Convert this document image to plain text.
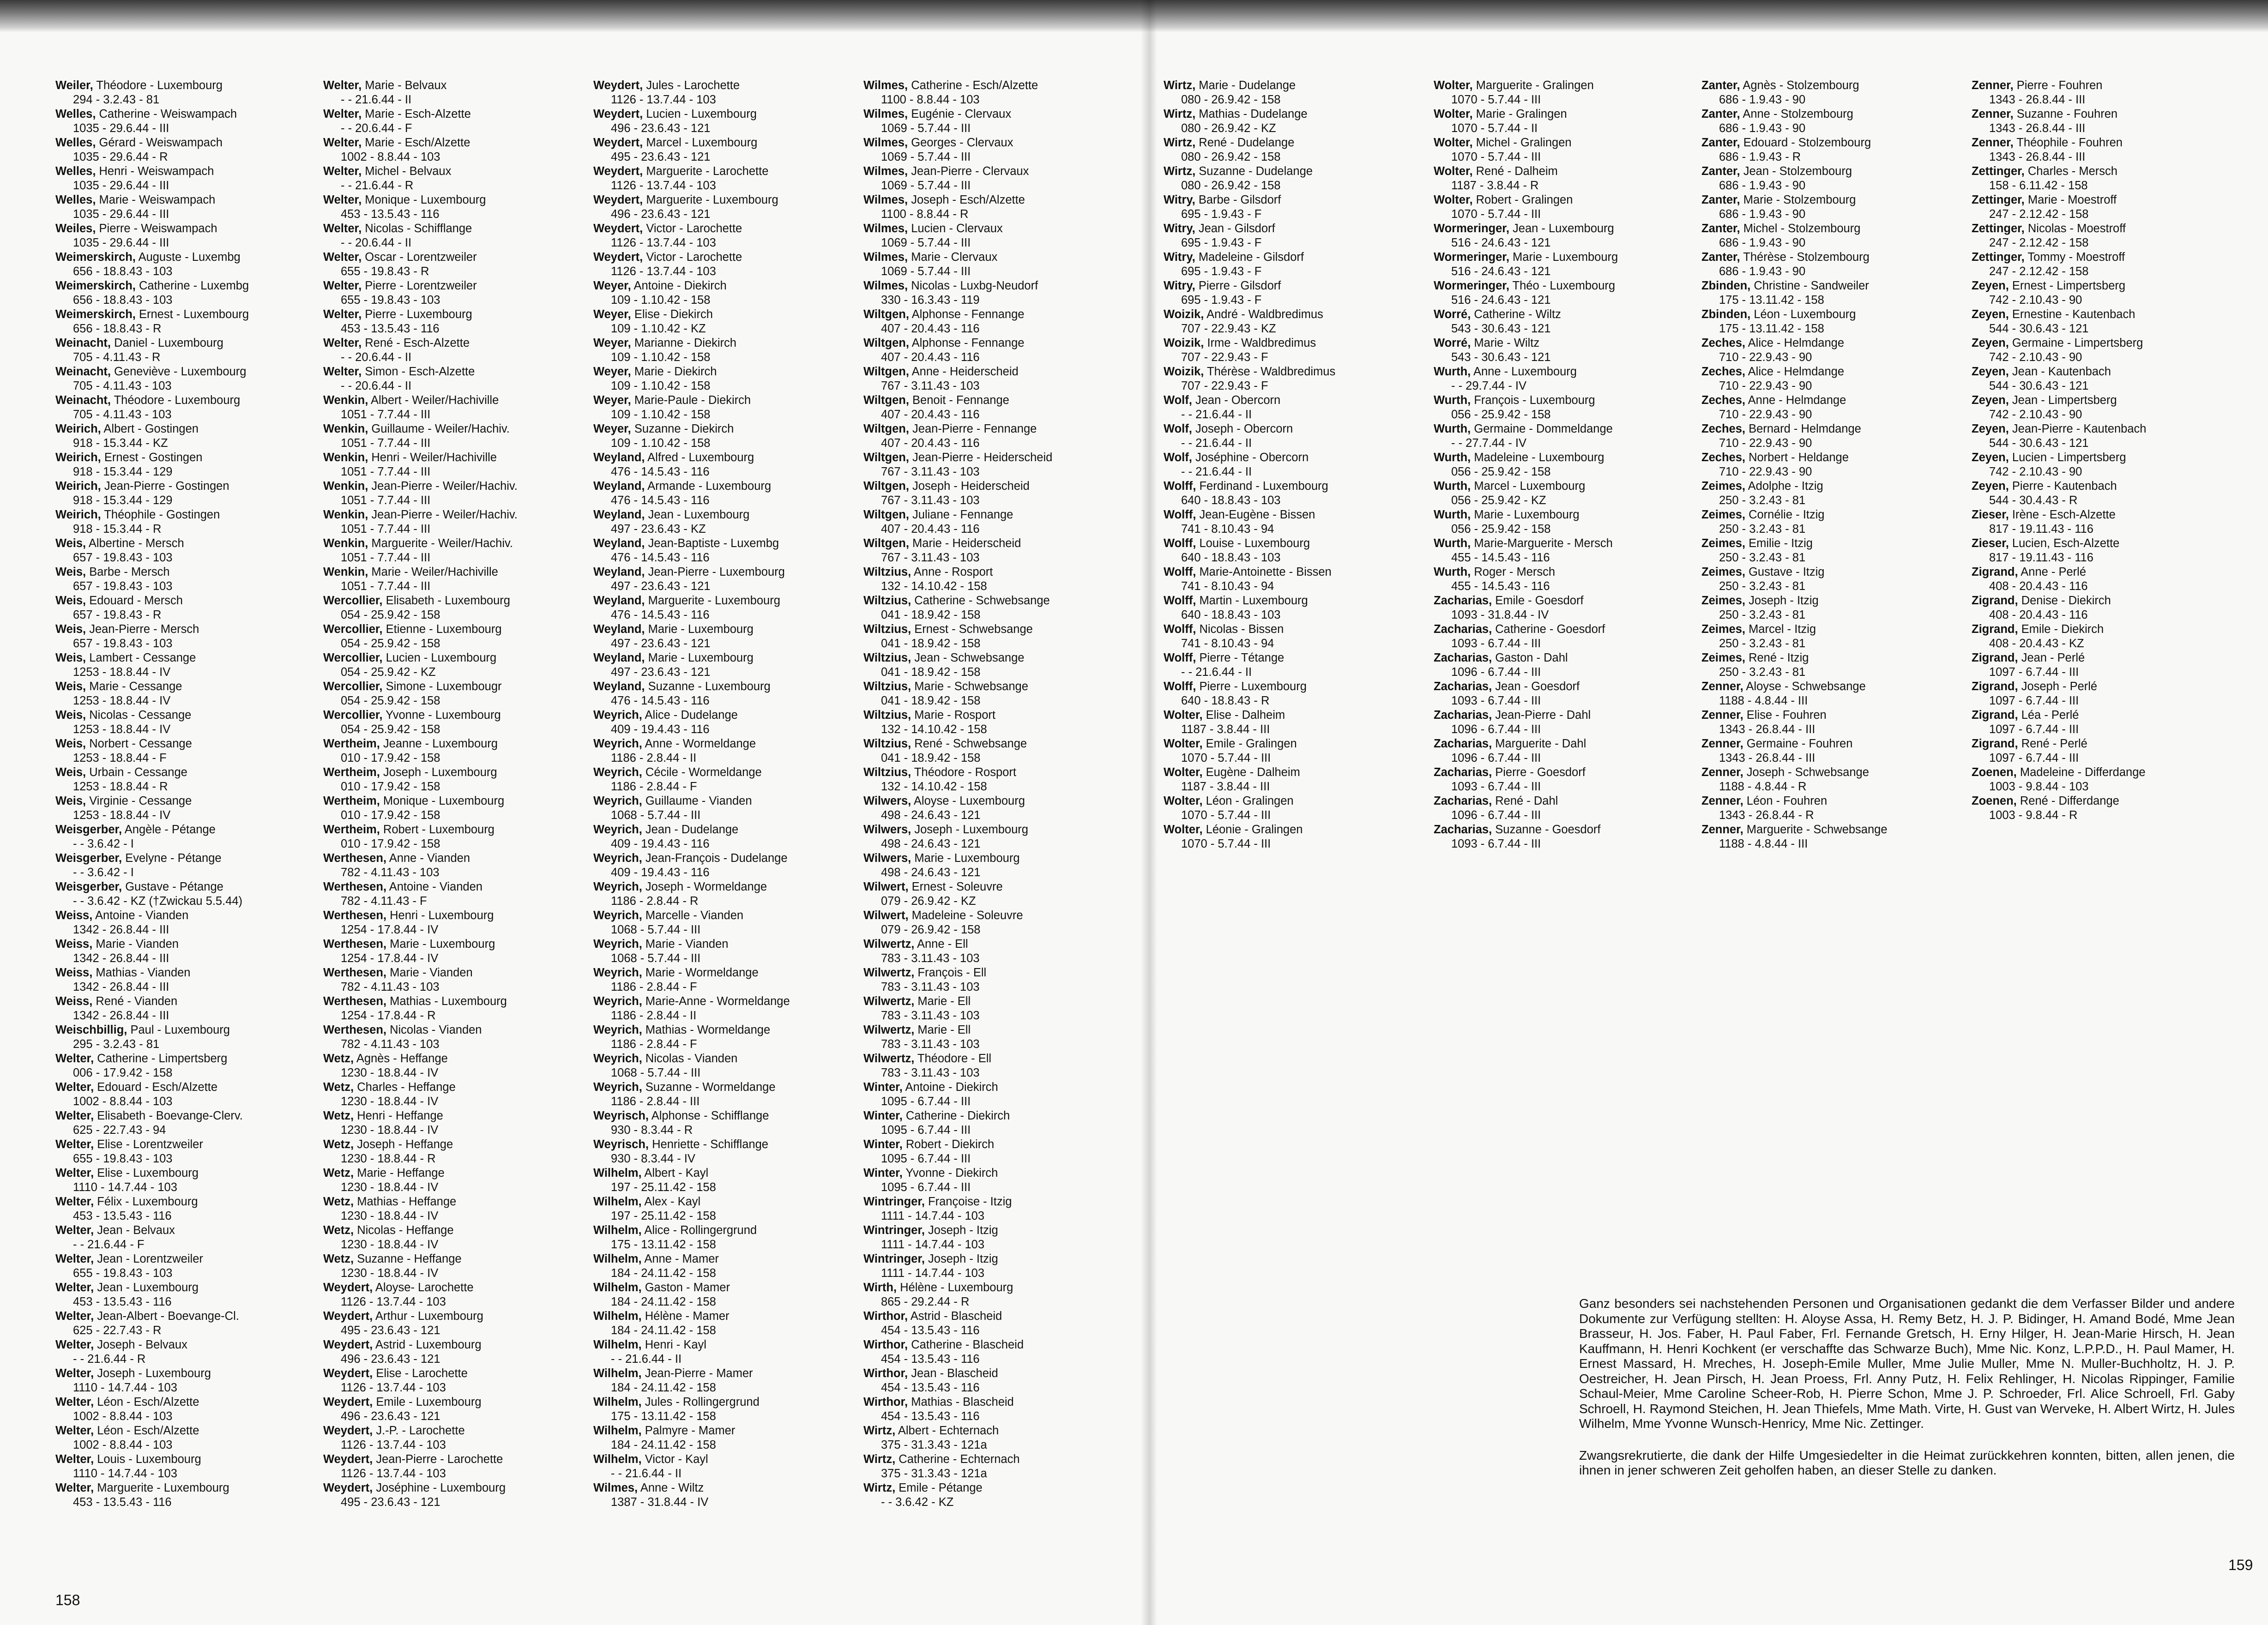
Weiler, Théodore - Luxembourg
294 - 3.2.43 - 81
Welles, Catherine - Weiswampach
1035 - 29.6.44 - III
Welles, Gérard - Weiswampach
1035 - 29.6.44 - R
Welles, Henri - Weiswampach
1035 - 29.6.44 - III
Welles, Marie - Weiswampach
1035 - 29.6.44 - III
Weiles, Pierre - Weiswampach
1035 - 29.6.44 - III
Weimerskirch, Auguste - Luxembg
656 - 18.8.43 - 103
Weimerskirch, Catherine - Luxembg
656 - 18.8.43 - 103
Weimerskirch, Ernest - Luxembourg
656 - 18.8.43 - R
Weinacht, Daniel - Luxembourg
705 - 4.11.43 - R
Weinacht, Geneviève - Luxembourg
705 - 4.11.43 - 103
Weinacht, Théodore - Luxembourg
705 - 4.11.43 - 103
Weirich, Albert - Gostingen
918 - 15.3.44 - KZ
Weirich, Ernest - Gostingen
918 - 15.3.44 - 129
Weirich, Jean-Pierre - Gostingen
918 - 15.3.44 - 129
Weirich, Théophile - Gostingen
918 - 15.3.44 - R
Weis, Albertine - Mersch
657 - 19.8.43 - 103
Weis, Barbe - Mersch
657 - 19.8.43 - 103
Weis, Edouard - Mersch
657 - 19.8.43 - R
Weis, Jean-Pierre - Mersch
657 - 19.8.43 - 103
Weis, Lambert - Cessange
1253 - 18.8.44 - IV
Weis, Marie - Cessange
1253 - 18.8.44 - IV
Weis, Nicolas - Cessange
1253 - 18.8.44 - IV
Weis, Norbert - Cessange
1253 - 18.8.44 - F
Weis, Urbain - Cessange
1253 - 18.8.44 - R
Weis, Virginie - Cessange
1253 - 18.8.44 - IV
Weisgerber, Angèle - Pétange
- - 3.6.42 - I
Weisgerber, Evelyne - Pétange
- - 3.6.42 - I
Weisgerber, Gustave - Pétange
- - 3.6.42 - KZ (†Zwickau 5.5.44)
Weiss, Antoine - Vianden
1342 - 26.8.44 - III
Weiss, Marie - Vianden
1342 - 26.8.44 - III
Weiss, Mathias - Vianden
1342 - 26.8.44 - III
Weiss, René - Vianden
1342 - 26.8.44 - III
Weischbillig, Paul - Luxembourg
295 - 3.2.43 - 81
Welter, Catherine - Limpertsberg
006 - 17.9.42 - 158
Welter, Edouard - Esch/Alzette
1002 - 8.8.44 - 103
Welter, Elisabeth - Boevange-Clerv.
625 - 22.7.43 - 94
Welter, Elise - Lorentzweiler
655 - 19.8.43 - 103
Welter, Elise - Luxembourg
1110 - 14.7.44 - 103
Welter, Félix - Luxembourg
453 - 13.5.43 - 116
Welter, Jean - Belvaux
- - 21.6.44 - F
Welter, Jean - Lorentzweiler
655 - 19.8.43 - 103
Welter, Jean - Luxembourg
453 - 13.5.43 - 116
Welter, Jean-Albert - Boevange-Cl.
625 - 22.7.43 - R
Welter, Joseph - Belvaux
- - 21.6.44 - R
Welter, Joseph - Luxembourg
1110 - 14.7.44 - 103
Welter, Léon - Esch/Alzette
1002 - 8.8.44 - 103
Welter, Léon - Esch/Alzette
1002 - 8.8.44 - 103
Welter, Louis - Luxembourg
1110 - 14.7.44 - 103
Welter, Marguerite - Luxembourg
453 - 13.5.43 - 116
Welter, Marie - Belvaux
- - 21.6.44 - II
Welter, Marie - Esch-Alzette
- - 20.6.44 - F
Welter, Marie - Esch/Alzette
1002 - 8.8.44 - 103
Welter, Michel - Belvaux
- - 21.6.44 - R
Welter, Monique - Luxembourg
453 - 13.5.43 - 116
Welter, Nicolas - Schifflange
- - 20.6.44 - II
Welter, Oscar - Lorentzweiler
655 - 19.8.43 - R
Welter, Pierre - Lorentzweiler
655 - 19.8.43 - 103
Welter, Pierre - Luxembourg
453 - 13.5.43 - 116
Welter, René - Esch-Alzette
- - 20.6.44 - II
Welter, Simon - Esch-Alzette
- - 20.6.44 - II
Wenkin, Albert - Weiler/Hachiville
1051 - 7.7.44 - III
Wenkin, Guillaume - Weiler/Hachiv.
1051 - 7.7.44 - III
Wenkin, Henri - Weiler/Hachiville
1051 - 7.7.44 - III
Wenkin, Jean-Pierre - Weiler/Hachiv.
1051 - 7.7.44 - III
Wenkin, Jean-Pierre - Weiler/Hachiv.
1051 - 7.7.44 - III
Wenkin, Marguerite - Weiler/Hachiv.
1051 - 7.7.44 - III
Wenkin, Marie - Weiler/Hachiville
1051 - 7.7.44 - III
Wercollier, Elisabeth - Luxembourg
054 - 25.9.42 - 158
Wercollier, Etienne - Luxembourg
054 - 25.9.42 - 158
Wercollier, Lucien - Luxembourg
054 - 25.9.42 - KZ
Wercollier, Simone - Luxembougr
054 - 25.9.42 - 158
Wercollier, Yvonne - Luxembourg
054 - 25.9.42 - 158
Wertheim, Jeanne - Luxembourg
010 - 17.9.42 - 158
Wertheim, Joseph - Luxembourg
010 - 17.9.42 - 158
Wertheim, Monique - Luxembourg
010 - 17.9.42 - 158
Wertheim, Robert - Luxembourg
010 - 17.9.42 - 158
Werthesen, Anne - Vianden
782 - 4.11.43 - 103
Werthesen, Antoine - Vianden
782 - 4.11.43 - F
Werthesen, Henri - Luxembourg
1254 - 17.8.44 - IV
Werthesen, Marie - Luxembourg
1254 - 17.8.44 - IV
Werthesen, Marie - Vianden
782 - 4.11.43 - 103
Werthesen, Mathias - Luxembourg
1254 - 17.8.44 - R
Werthesen, Nicolas - Vianden
782 - 4.11.43 - 103
Wetz, Agnès - Heffange
1230 - 18.8.44 - IV
Wetz, Charles - Heffange
1230 - 18.8.44 - IV
Wetz, Henri - Heffange
1230 - 18.8.44 - IV
Wetz, Joseph - Heffange
1230 - 18.8.44 - R
Wetz, Marie - Heffange
1230 - 18.8.44 - IV
Wetz, Mathias - Heffange
1230 - 18.8.44 - IV
Wetz, Nicolas - Heffange
1230 - 18.8.44 - IV
Wetz, Suzanne - Heffange
1230 - 18.8.44 - IV
Weydert, Aloyse- Larochette
1126 - 13.7.44 - 103
Weydert, Arthur - Luxembourg
495 - 23.6.43 - 121
Weydert, Astrid - Luxembourg
496 - 23.6.43 - 121
Weydert, Elise - Larochette
1126 - 13.7.44 - 103
Weydert, Emile - Luxembourg
496 - 23.6.43 - 121
Weydert, J.-P. - Larochette
1126 - 13.7.44 - 103
Weydert, Jean-Pierre - Larochette
1126 - 13.7.44 - 103
Weydert, Joséphine - Luxembourg
495 - 23.6.43 - 121
Weydert, Jules - Larochette
1126 - 13.7.44 - 103
Weydert, Lucien - Luxembourg
496 - 23.6.43 - 121
Weydert, Marcel - Luxembourg
495 - 23.6.43 - 121
Weydert, Marguerite - Larochette
1126 - 13.7.44 - 103
Weydert, Marguerite - Luxembourg
496 - 23.6.43 - 121
Weydert, Victor - Larochette
1126 - 13.7.44 - 103
Weydert, Victor - Larochette
1126 - 13.7.44 - 103
Weyer, Antoine - Diekirch
109 - 1.10.42 - 158
Weyer, Elise - Diekirch
109 - 1.10.42 - KZ
Weyer, Marianne - Diekirch
109 - 1.10.42 - 158
Weyer, Marie - Diekirch
109 - 1.10.42 - 158
Weyer, Marie-Paule - Diekirch
109 - 1.10.42 - 158
Weyer, Suzanne - Diekirch
109 - 1.10.42 - 158
Weyland, Alfred - Luxembourg
476 - 14.5.43 - 116
Weyland, Armande - Luxembourg
476 - 14.5.43 - 116
Weyland, Jean - Luxembourg
497 - 23.6.43 - KZ
Weyland, Jean-Baptiste - Luxembg
476 - 14.5.43 - 116
Weyland, Jean-Pierre - Luxembourg
497 - 23.6.43 - 121
Weyland, Marguerite - Luxembourg
476 - 14.5.43 - 116
Weyland, Marie - Luxembourg
497 - 23.6.43 - 121
Weyland, Marie - Luxembourg
497 - 23.6.43 - 121
Weyland, Suzanne - Luxembourg
476 - 14.5.43 - 116
Weyrich, Alice - Dudelange
409 - 19.4.43 - 116
Weyrich, Anne - Wormeldange
1186 - 2.8.44 - II
Weyrich, Cécile - Wormeldange
1186 - 2.8.44 - F
Weyrich, Guillaume - Vianden
1068 - 5.7.44 - III
Weyrich, Jean - Dudelange
409 - 19.4.43 - 116
Weyrich, Jean-François - Dudelange
409 - 19.4.43 - 116
Weyrich, Joseph - Wormeldange
1186 - 2.8.44 - R
Weyrich, Marcelle - Vianden
1068 - 5.7.44 - III
Weyrich, Marie - Vianden
1068 - 5.7.44 - III
Weyrich, Marie - Wormeldange
1186 - 2.8.44 - F
Weyrich, Marie-Anne - Wormeldange
1186 - 2.8.44 - II
Weyrich, Mathias - Wormeldange
1186 - 2.8.44 - F
Weyrich, Nicolas - Vianden
1068 - 5.7.44 - III
Weyrich, Suzanne - Wormeldange
1186 - 2.8.44 - III
Weyrisch, Alphonse - Schifflange
930 - 8.3.44 - R
Weyrisch, Henriette - Schifflange
930 - 8.3.44 - IV
Wilhelm, Albert - Kayl
197 - 25.11.42 - 158
Wilhelm, Alex - Kayl
197 - 25.11.42 - 158
Wilhelm, Alice - Rollingergrund
175 - 13.11.42 - 158
Wilhelm, Anne - Mamer
184 - 24.11.42 - 158
Wilhelm, Gaston - Mamer
184 - 24.11.42 - 158
Wilhelm, Hélène - Mamer
184 - 24.11.42 - 158
Wilhelm, Henri - Kayl
- - 21.6.44 - II
Wilhelm, Jean-Pierre - Mamer
184 - 24.11.42 - 158
Wilhelm, Jules - Rollingergrund
175 - 13.11.42 - 158
Wilhelm, Palmyre - Mamer
184 - 24.11.42 - 158
Wilhelm, Victor - Kayl
- - 21.6.44 - II
Wilmes, Anne - Wiltz
1387 - 31.8.44 - IV
Wilmes, Catherine - Esch/Alzette
1100 - 8.8.44 - 103
Wilmes, Eugénie - Clervaux
1069 - 5.7.44 - III
Wilmes, Georges - Clervaux
1069 - 5.7.44 - III
Wilmes, Jean-Pierre - Clervaux
1069 - 5.7.44 - III
Wilmes, Joseph - Esch/Alzette
1100 - 8.8.44 - R
Wilmes, Lucien - Clervaux
1069 - 5.7.44 - III
Wilmes, Marie - Clervaux
1069 - 5.7.44 - III
Wilmes, Nicolas - Luxbg-Neudorf
330 - 16.3.43 - 119
Wiltgen, Alphonse - Fennange
407 - 20.4.43 - 116
Wiltgen, Alphonse - Fennange
407 - 20.4.43 - 116
Wiltgen, Anne - Heiderscheid
767 - 3.11.43 - 103
Wiltgen, Benoit - Fennange
407 - 20.4.43 - 116
Wiltgen, Jean-Pierre - Fennange
407 - 20.4.43 - 116
Wiltgen, Jean-Pierre - Heiderscheid
767 - 3.11.43 - 103
Wiltgen, Joseph - Heiderscheid
767 - 3.11.43 - 103
Wiltgen, Juliane - Fennange
407 - 20.4.43 - 116
Wiltgen, Marie - Heiderscheid
767 - 3.11.43 - 103
Wiltzius, Anne - Rosport
132 - 14.10.42 - 158
Wiltzius, Catherine - Schwebsange
041 - 18.9.42 - 158
Wiltzius, Ernest - Schwebsange
041 - 18.9.42 - 158
Wiltzius, Jean - Schwebsange
041 - 18.9.42 - 158
Wiltzius, Marie - Schwebsange
041 - 18.9.42 - 158
Wiltzius, Marie - Rosport
132 - 14.10.42 - 158
Wiltzius, René - Schwebsange
041 - 18.9.42 - 158
Wiltzius, Théodore - Rosport
132 - 14.10.42 - 158
Wilwers, Aloyse - Luxembourg
498 - 24.6.43 - 121
Wilwers, Joseph - Luxembourg
498 - 24.6.43 - 121
Wilwers, Marie - Luxembourg
498 - 24.6.43 - 121
Wilwert, Ernest - Soleuvre
079 - 26.9.42 - KZ
Wilwert, Madeleine - Soleuvre
079 - 26.9.42 - 158
Wilwertz, Anne - Ell
783 - 3.11.43 - 103
Wilwertz, François - Ell
783 - 3.11.43 - 103
Wilwertz, Marie - Ell
783 - 3.11.43 - 103
Wilwertz, Marie - Ell
783 - 3.11.43 - 103
Wilwertz, Théodore - Ell
783 - 3.11.43 - 103
Winter, Antoine - Diekirch
1095 - 6.7.44 - III
Winter, Catherine - Diekirch
1095 - 6.7.44 - III
Winter, Robert - Diekirch
1095 - 6.7.44 - III
Winter, Yvonne - Diekirch
1095 - 6.7.44 - III
Wintringer, Françoise - Itzig
1111 - 14.7.44 - 103
Wintringer, Joseph - Itzig
1111 - 14.7.44 - 103
Wintringer, Joseph - Itzig
1111 - 14.7.44 - 103
Wirth, Hélène - Luxembourg
865 - 29.2.44 - R
Wirthor, Astrid - Blascheid
454 - 13.5.43 - 116
Wirthor, Catherine - Blascheid
454 - 13.5.43 - 116
Wirthor, Jean - Blascheid
454 - 13.5.43 - 116
Wirthor, Mathias - Blascheid
454 - 13.5.43 - 116
Wirtz, Albert - Echternach
375 - 31.3.43 - 121a
Wirtz, Catherine - Echternach
375 - 31.3.43 - 121a
Wirtz, Emile - Pétange
- - 3.6.42 - KZ
Wirtz, Marie - Dudelange
080 - 26.9.42 - 158
Wirtz, Mathias - Dudelange
080 - 26.9.42 - KZ
Wirtz, René - Dudelange
080 - 26.9.42 - 158
Wirtz, Suzanne - Dudelange
080 - 26.9.42 - 158
Witry, Barbe - Gilsdorf
695 - 1.9.43 - F
Witry, Jean - Gilsdorf
695 - 1.9.43 - F
Witry, Madeleine - Gilsdorf
695 - 1.9.43 - F
Witry, Pierre - Gilsdorf
695 - 1.9.43 - F
Woizik, André - Waldbredimus
707 - 22.9.43 - KZ
Woizik, Irme - Waldbredimus
707 - 22.9.43 - F
Woizik, Thérèse - Waldbredimus
707 - 22.9.43 - F
Wolf, Jean - Obercorn
- - 21.6.44 - II
Wolf, Joseph - Obercorn
- - 21.6.44 - II
Wolf, Joséphine - Obercorn
- - 21.6.44 - II
Wolff, Ferdinand - Luxembourg
640 - 18.8.43 - 103
Wolff, Jean-Eugène - Bissen
741 - 8.10.43 - 94
Wolff, Louise - Luxembourg
640 - 18.8.43 - 103
Wolff, Marie-Antoinette - Bissen
741 - 8.10.43 - 94
Wolff, Martin - Luxembourg
640 - 18.8.43 - 103
Wolff, Nicolas - Bissen
741 - 8.10.43 - 94
Wolff, Pierre - Tétange
- - 21.6.44 - II
Wolff, Pierre - Luxembourg
640 - 18.8.43 - R
Wolter, Elise - Dalheim
1187 - 3.8.44 - III
Wolter, Emile - Gralingen
1070 - 5.7.44 - III
Wolter, Eugène - Dalheim
1187 - 3.8.44 - III
Wolter, Léon - Gralingen
1070 - 5.7.44 - III
Wolter, Léonie - Gralingen
1070 - 5.7.44 - III
Wolter, Marguerite - Gralingen
1070 - 5.7.44 - III
Wolter, Marie - Gralingen
1070 - 5.7.44 - II
Wolter, Michel - Gralingen
1070 - 5.7.44 - III
Wolter, René - Dalheim
1187 - 3.8.44 - R
Wolter, Robert - Gralingen
1070 - 5.7.44 - III
Wormeringer, Jean - Luxembourg
516 - 24.6.43 - 121
Wormeringer, Marie - Luxembourg
516 - 24.6.43 - 121
Wormeringer, Théo - Luxembourg
516 - 24.6.43 - 121
Worré, Catherine - Wiltz
543 - 30.6.43 - 121
Worré, Marie - Wiltz
543 - 30.6.43 - 121
Wurth, Anne - Luxembourg
- - 29.7.44 - IV
Wurth, François - Luxembourg
056 - 25.9.42 - 158
Wurth, Germaine - Dommeldange
- - 27.7.44 - IV
Wurth, Madeleine - Luxembourg
056 - 25.9.42 - 158
Wurth, Marcel - Luxembourg
056 - 25.9.42 - KZ
Wurth, Marie - Luxembourg
056 - 25.9.42 - 158
Wurth, Marie-Marguerite - Mersch
455 - 14.5.43 - 116
Wurth, Roger - Mersch
455 - 14.5.43 - 116
Zacharias, Emile - Goesdorf
1093 - 31.8.44 - IV
Zacharias, Catherine - Goesdorf
1093 - 6.7.44 - III
Zacharias, Gaston - Dahl
1096 - 6.7.44 - III
Zacharias, Jean - Goesdorf
1093 - 6.7.44 - III
Zacharias, Jean-Pierre - Dahl
1096 - 6.7.44 - III
Zacharias, Marguerite - Dahl
1096 - 6.7.44 - III
Zacharias, Pierre - Goesdorf
1093 - 6.7.44 - III
Zacharias, René - Dahl
1096 - 6.7.44 - III
Zacharias, Suzanne - Goesdorf
1093 - 6.7.44 - III
Zanter, Agnès - Stolzembourg
686 - 1.9.43 - 90
Zanter, Anne - Stolzembourg
686 - 1.9.43 - 90
Zanter, Edouard - Stolzembourg
686 - 1.9.43 - R
Zanter, Jean - Stolzembourg
686 - 1.9.43 - 90
Zanter, Marie - Stolzembourg
686 - 1.9.43 - 90
Zanter, Michel - Stolzembourg
686 - 1.9.43 - 90
Zanter, Thérèse - Stolzembourg
686 - 1.9.43 - 90
Zbinden, Christine - Sandweiler
175 - 13.11.42 - 158
Zbinden, Léon - Luxembourg
175 - 13.11.42 - 158
Zeches, Alice - Helmdange
710 - 22.9.43 - 90
Zeches, Alice - Helmdange
710 - 22.9.43 - 90
Zeches, Anne - Helmdange
710 - 22.9.43 - 90
Zeches, Bernard - Helmdange
710 - 22.9.43 - 90
Zeches, Norbert - Heldange
710 - 22.9.43 - 90
Zeimes, Adolphe - Itzig
250 - 3.2.43 - 81
Zeimes, Cornélie - Itzig
250 - 3.2.43 - 81
Zeimes, Emilie - Itzig
250 - 3.2.43 - 81
Zeimes, Gustave - Itzig
250 - 3.2.43 - 81
Zeimes, Joseph - Itzig
250 - 3.2.43 - 81
Zeimes, Marcel - Itzig
250 - 3.2.43 - 81
Zeimes, René - Itzig
250 - 3.2.43 - 81
Zenner, Aloyse - Schwebsange
1188 - 4.8.44 - III
Zenner, Elise - Fouhren
1343 - 26.8.44 - III
Zenner, Germaine - Fouhren
1343 - 26.8.44 - III
Zenner, Joseph - Schwebsange
1188 - 4.8.44 - R
Zenner, Léon - Fouhren
1343 - 26.8.44 - R
Zenner, Marguerite - Schwebsange
1188 - 4.8.44 - III
Zenner, Pierre - Fouhren
1343 - 26.8.44 - III
Zenner, Suzanne - Fouhren
1343 - 26.8.44 - III
Zenner, Théophile - Fouhren
1343 - 26.8.44 - III
Zettinger, Charles - Mersch
158 - 6.11.42 - 158
Zettinger, Marie - Moestroff
247 - 2.12.42 - 158
Zettinger, Nicolas - Moestroff
247 - 2.12.42 - 158
Zettinger, Tommy - Moestroff
247 - 2.12.42 - 158
Zeyen, Ernest - Limpertsberg
742 - 2.10.43 - 90
Zeyen, Ernestine - Kautenbach
544 - 30.6.43 - 121
Zeyen, Germaine - Limpertsberg
742 - 2.10.43 - 90
Zeyen, Jean - Kautenbach
544 - 30.6.43 - 121
Zeyen, Jean - Limpertsberg
742 - 2.10.43 - 90
Zeyen, Jean-Pierre - Kautenbach
544 - 30.6.43 - 121
Zeyen, Lucien - Limpertsberg
742 - 2.10.43 - 90
Zeyen, Pierre - Kautenbach
544 - 30.4.43 - R
Zieser, Irène - Esch-Alzette
817 - 19.11.43 - 116
Zieser, Lucien, Esch-Alzette
817 - 19.11.43 - 116
Zigrand, Anne - Perlé
408 - 20.4.43 - 116
Zigrand, Denise - Diekirch
408 - 20.4.43 - 116
Zigrand, Emile - Diekirch
408 - 20.4.43 - KZ
Zigrand, Jean - Perlé
1097 - 6.7.44 - III
Zigrand, Joseph - Perlé
1097 - 6.7.44 - III
Zigrand, Léa - Perlé
1097 - 6.7.44 - III
Zigrand, René - Perlé
1097 - 6.7.44 - III
Zoenen, Madeleine - Differdange
1003 - 9.8.44 - 103
Zoenen, René - Differdange
1003 - 9.8.44 - R

Ganz besonders sei nachstehenden Personen und Organisationen gedankt die dem Verfasser Bilder und andere Dokumente zur Verfügung stellten: H. Aloyse Assa, H. Remy Betz, H. J. P. Bidinger, H. Amand Bodé, Mme Jean Brasseur, H. Jos. Faber, H. Paul Faber, Frl. Fernande Gretsch, H. Erny Hilger, H. Jean-Marie Hirsch, H. Jean Kauffmann, H. Henri Kochkent (er verschaffte das Schwarze Buch), Mme Nic. Konz, L.P.P.D., H. Paul Mamer, H. Ernest Massard, H. Mreches, H. Joseph-Emile Muller, Mme Julie Muller, Mme N. Muller-Buchholtz, H. J. P. Oestreicher, H. Jean Pirsch, H. Jean Proess, Frl. Anny Putz, H. Felix Rehlinger, H. Nicolas Rippinger, Familie Schaul-Meier, Mme Caroline Scheer-Rob, H. Pierre Schon, Mme J. P. Schroeder, Frl. Alice Schroell, Frl. Gaby Schroell, H. Raymond Steichen, H. Jean Thiefels, Mme Math. Virte, H. Gust van Werveke, H. Albert Wirtz, H. Jules Wilhelm, Mme Yvonne Wunsch-Henricy, Mme Nic. Zettinger.

Zwangsrekrutierte, die dank der Hilfe Umgesiedelter in die Heimat zurückkehren konnten, bitten, allen jenen, die ihnen in jener schweren Zeit geholfen haben, an dieser Stelle zu danken.

158
159
